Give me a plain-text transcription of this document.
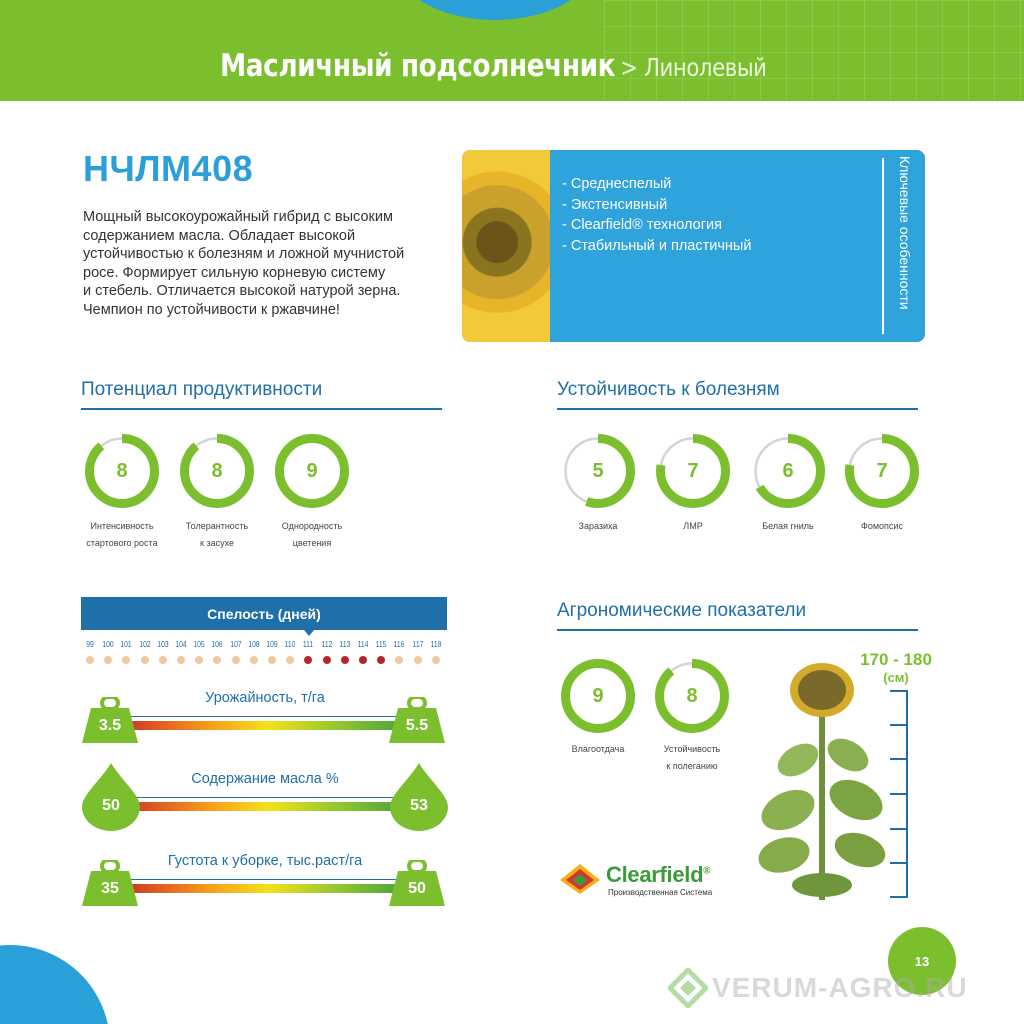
Масличный подсолнечник > Линолевый
НЧЛМ408

Мощный высокоурожайный гибрид с высоким

содержанием масла. Обладает высокой

устойчивостью к болезням и ложной мучнистой

росе. Формирует сильную корневую систему

и стебель. Отличается высокой натурой зерна.

Чемпион по устойчивости к ржавчине!

- Среднеспелый
- Экстенсивный
- Clearfield® технология
- Стабильный и пластичный	Ключевые особенности
Потенциал продуктивности	Устойчивость к болезням
Агрономические показатели
8
Интенсивность
стартового роста
8
Толерантность
к засухе
9
Однородность
цветения
5
Заразиха
7
ЛМР
6
Белая гниль
7
Фомопсис
9
Влагоотдача
8
Устойчивость
к полеганию
Спелость (дней)
99	100 101 102 103 104 105 106 107 108 109 110 111 112 113 114 115 116 117 118
Урожайность, т/га
3.5	5.5
Содержание масла %
50	53
Густота к уборке, тыс.раст/га
35	50
170 - 180
(см)
Clearfield®
Производственная Система
13
VERUM-AGRO.RU
